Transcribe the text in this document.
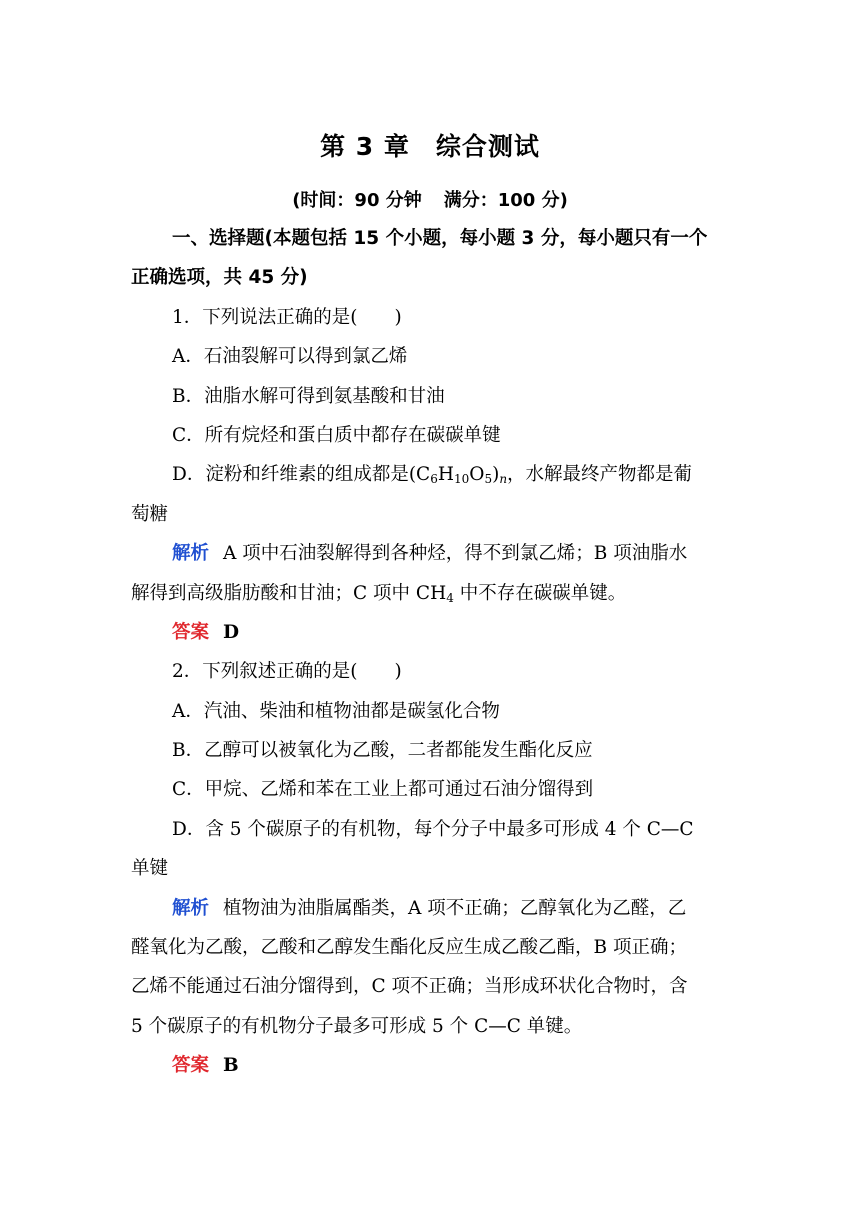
第 3 章 综合测试
(时间：90 分钟 满分：100 分)
一、选择题(本题包括 15 个小题，每小题 3 分，每小题只有一个
正确选项，共 45 分)
1．下列说法正确的是(　　)
A．石油裂解可以得到氯乙烯
B．油脂水解可得到氨基酸和甘油
C．所有烷烃和蛋白质中都存在碳碳单键
D．淀粉和纤维素的组成都是$(C_6H_{10}O_5)_n$，水解最终产物都是葡
萄糖
解析 A 项中石油裂解得到各种烃，得不到氯乙烯；B 项油脂水
解得到高级脂肪酸和甘油；C 项中 $CH_4$ 中不存在碳碳单键。
答案 D
2．下列叙述正确的是(　　)
A．汽油、柴油和植物油都是碳氢化合物
B．乙醇可以被氧化为乙酸，二者都能发生酯化反应
C．甲烷、乙烯和苯在工业上都可通过石油分馏得到
D．含 5 个碳原子的有机物，每个分子中最多可形成 4 个 C—C
单键
解析 植物油为油脂属酯类，A 项不正确；乙醇氧化为乙醛，乙
醛氧化为乙酸，乙酸和乙醇发生酯化反应生成乙酸乙酯，B 项正确；
乙烯不能通过石油分馏得到，C 项不正确；当形成环状化合物时，含
5 个碳原子的有机物分子最多可形成 5 个 C—C 单键。
答案 B
